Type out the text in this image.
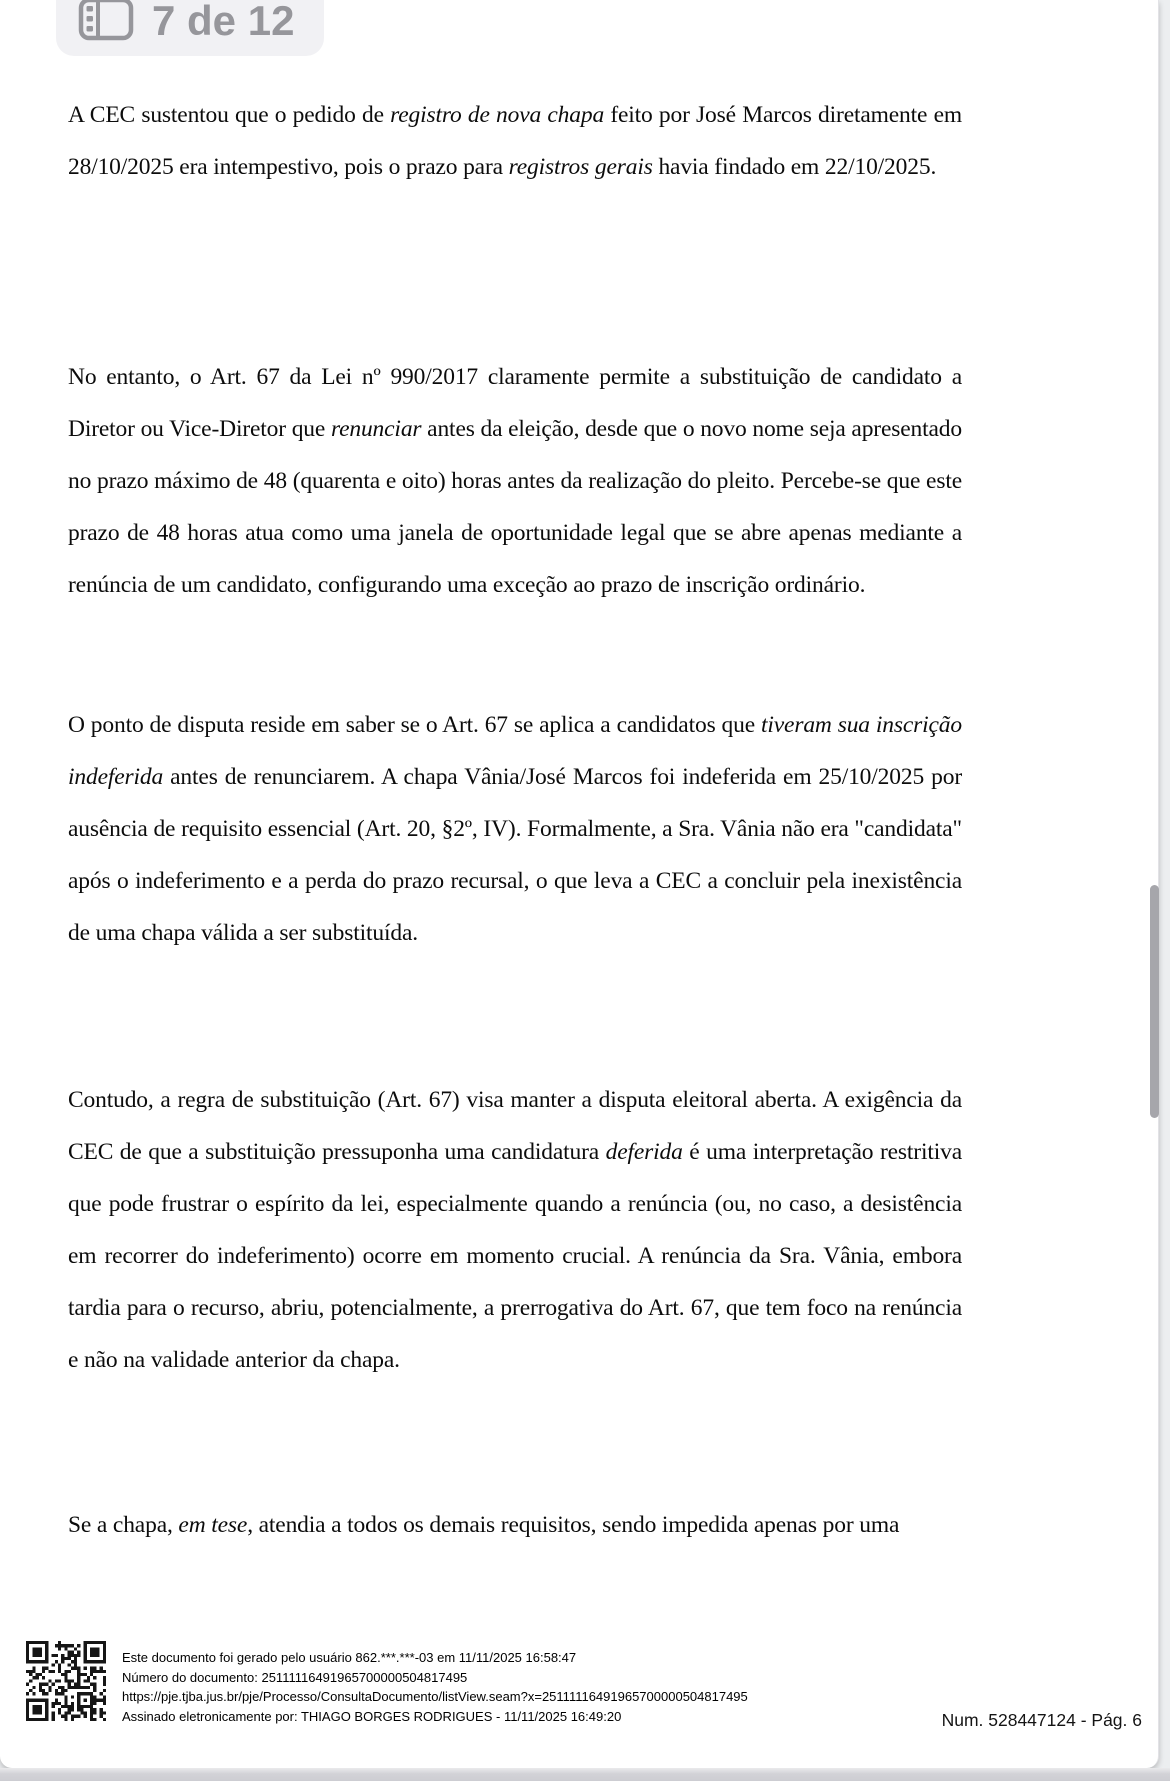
7 de 12

A CEC sustentou que o pedido de registro de nova chapa feito por José Marcos diretamente em 28/10/2025 era intempestivo, pois o prazo para registros gerais havia findado em 22/10/2025.

No entanto, o Art. 67 da Lei nº 990/2017 claramente permite a substituição de candidato a Diretor ou Vice-Diretor que renunciar antes da eleição, desde que o novo nome seja apresentado no prazo máximo de 48 (quarenta e oito) horas antes da realização do pleito. Percebe-se que este prazo de 48 horas atua como uma janela de oportunidade legal que se abre apenas mediante a renúncia de um candidato, configurando uma exceção ao prazo de inscrição ordinário.

O ponto de disputa reside em saber se o Art. 67 se aplica a candidatos que tiveram sua inscrição indeferida antes de renunciarem. A chapa Vânia/José Marcos foi indeferida em 25/10/2025 por ausência de requisito essencial (Art. 20, §2º, IV). Formalmente, a Sra. Vânia não era "candidata" após o indeferimento e a perda do prazo recursal, o que leva a CEC a concluir pela inexistência de uma chapa válida a ser substituída.

Contudo, a regra de substituição (Art. 67) visa manter a disputa eleitoral aberta. A exigência da CEC de que a substituição pressuponha uma candidatura deferida é uma interpretação restritiva que pode frustrar o espírito da lei, especialmente quando a renúncia (ou, no caso, a desistência em recorrer do indeferimento) ocorre em momento crucial. A renúncia da Sra. Vânia, embora tardia para o recurso, abriu, potencialmente, a prerrogativa do Art. 67, que tem foco na renúncia e não na validade anterior da chapa.

Se a chapa, em tese, atendia a todos os demais requisitos, sendo impedida apenas por uma

Este documento foi gerado pelo usuário 862.***.***-03 em 11/11/2025 16:58:47
Número do documento: 25111116491965700000504817495
https://pje.tjba.jus.br/pje/Processo/ConsultaDocumento/listView.seam?x=25111116491965700000504817495
Assinado eletronicamente por: THIAGO BORGES RODRIGUES - 11/11/2025 16:49:20	Num. 528447124 - Pág. 6
